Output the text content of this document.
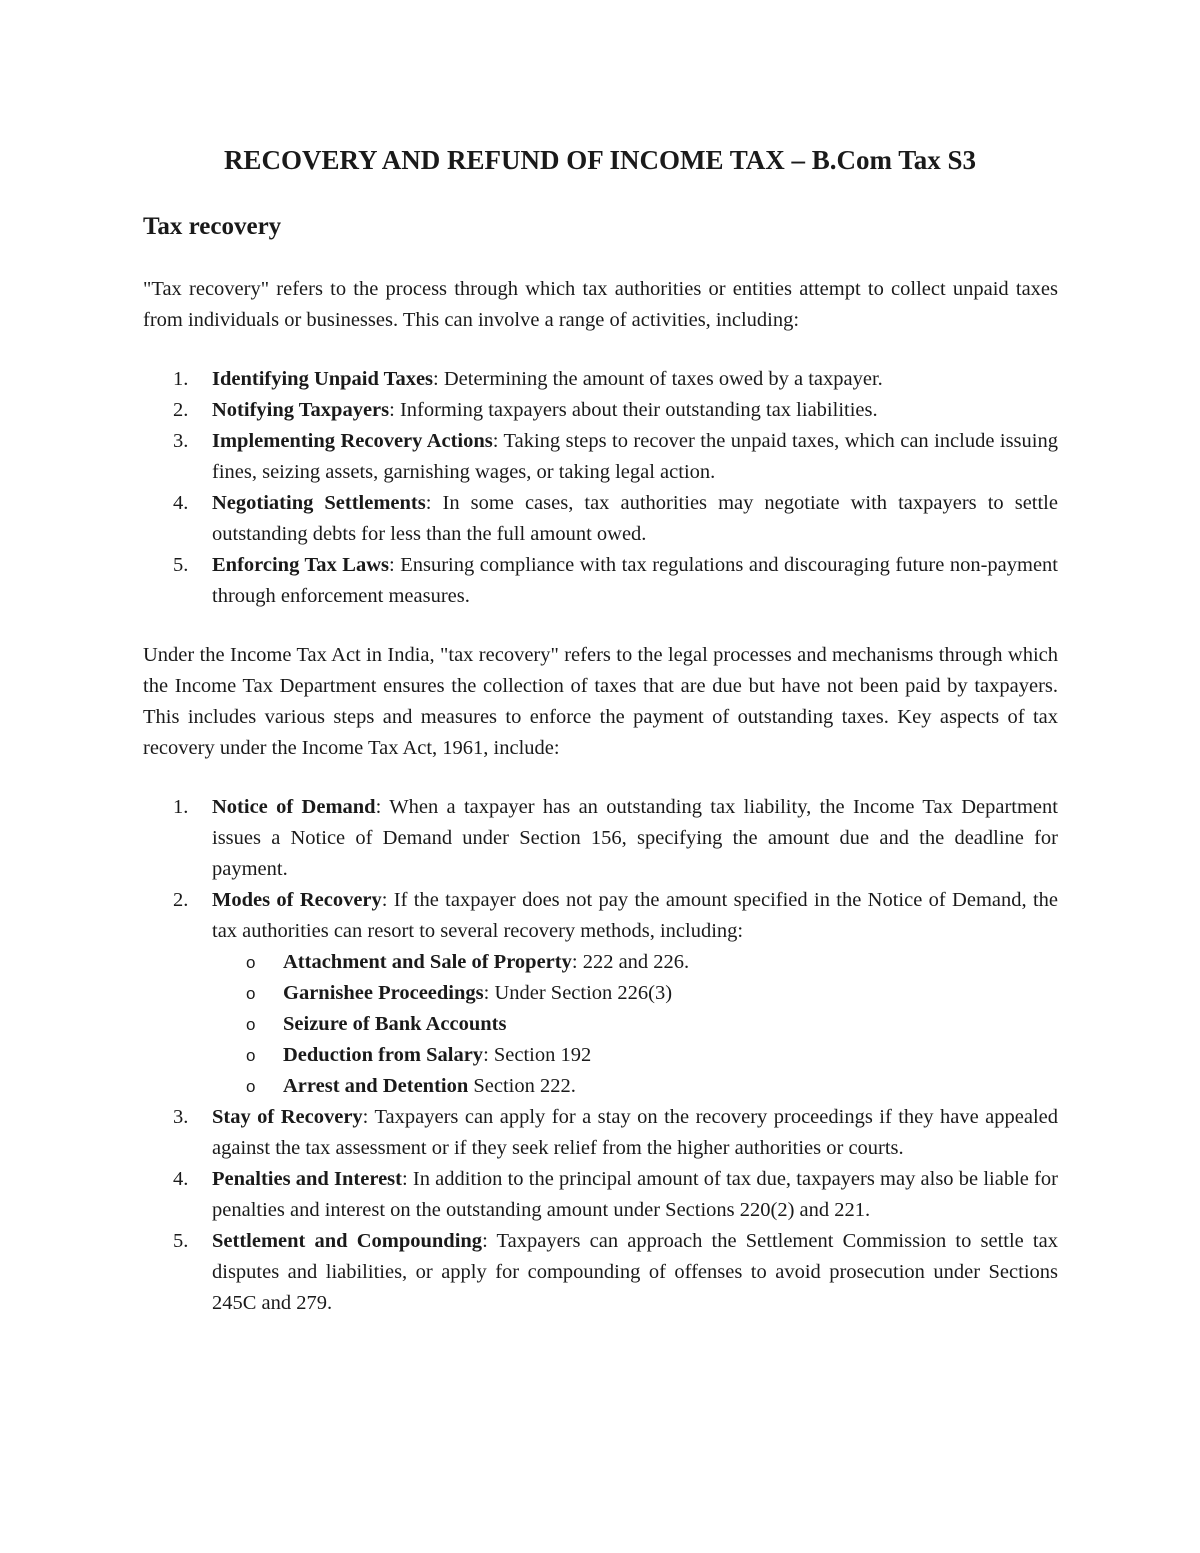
RECOVERY AND REFUND OF INCOME TAX – B.Com Tax S3
Tax recovery

"Tax recovery" refers to the process through which tax authorities or entities attempt to collect unpaid taxes from individuals or businesses. This can involve a range of activities, including:

1. Identifying Unpaid Taxes: Determining the amount of taxes owed by a taxpayer.
2. Notifying Taxpayers: Informing taxpayers about their outstanding tax liabilities.
3. Implementing Recovery Actions: Taking steps to recover the unpaid taxes, which can include issuing fines, seizing assets, garnishing wages, or taking legal action.
4. Negotiating Settlements: In some cases, tax authorities may negotiate with taxpayers to settle outstanding debts for less than the full amount owed.
5. Enforcing Tax Laws: Ensuring compliance with tax regulations and discouraging future non-payment through enforcement measures.

Under the Income Tax Act in India, "tax recovery" refers to the legal processes and mechanisms through which the Income Tax Department ensures the collection of taxes that are due but have not been paid by taxpayers. This includes various steps and measures to enforce the payment of outstanding taxes. Key aspects of tax recovery under the Income Tax Act, 1961, include:

1. Notice of Demand: When a taxpayer has an outstanding tax liability, the Income Tax Department issues a Notice of Demand under Section 156, specifying the amount due and the deadline for payment.
2. Modes of Recovery: If the taxpayer does not pay the amount specified in the Notice of Demand, the tax authorities can resort to several recovery methods, including:
o Attachment and Sale of Property: 222 and 226.
o Garnishee Proceedings: Under Section 226(3)
o Seizure of Bank Accounts
o Deduction from Salary: Section 192
o Arrest and Detention Section 222.
3. Stay of Recovery: Taxpayers can apply for a stay on the recovery proceedings if they have appealed against the tax assessment or if they seek relief from the higher authorities or courts.
4. Penalties and Interest: In addition to the principal amount of tax due, taxpayers may also be liable for penalties and interest on the outstanding amount under Sections 220(2) and 221.
5. Settlement and Compounding: Taxpayers can approach the Settlement Commission to settle tax disputes and liabilities, or apply for compounding of offenses to avoid prosecution under Sections 245C and 279.
